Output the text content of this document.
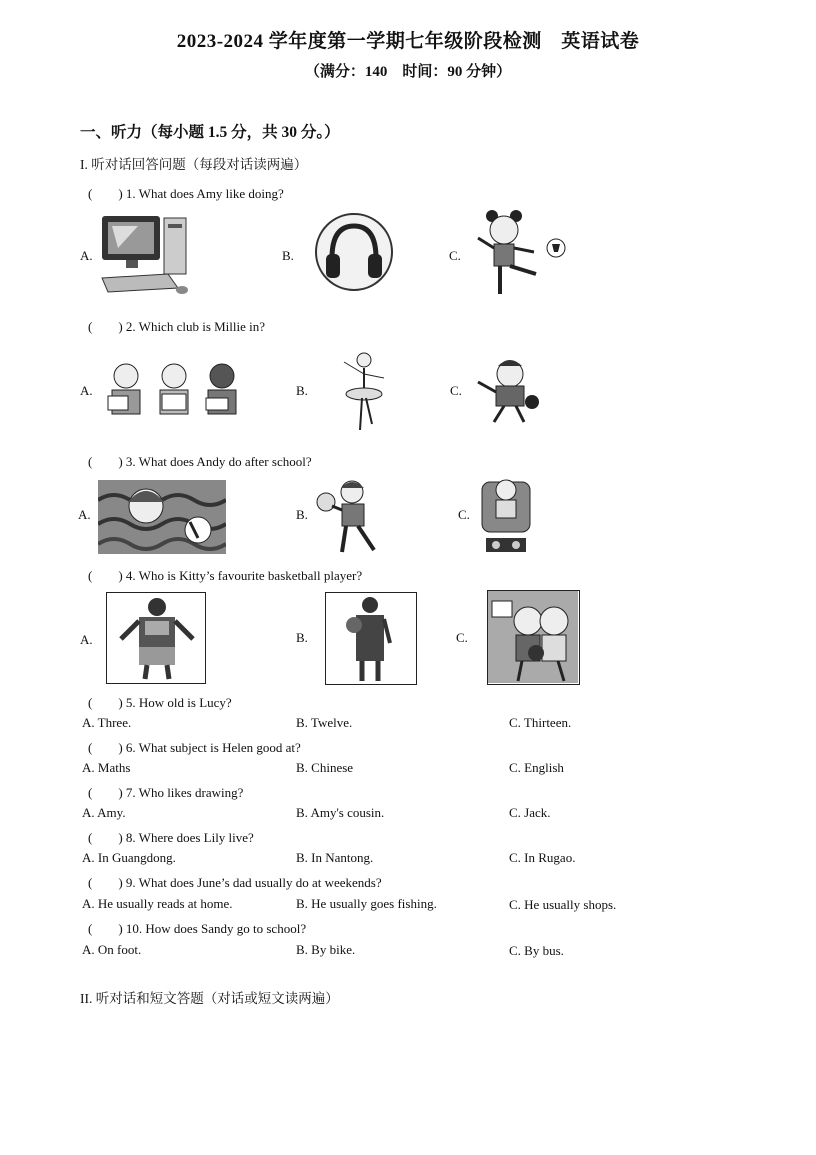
2023-2024 学年度第一学期七年级阶段检测　英语试卷
（满分：140　时间：90 分钟）
一、听力（每小题 1.5 分，共 30 分。）
I. 听对话回答问题（每段对话读两遍）
(　　) 1. What does Amy like doing?
A.	B.	C.
(　　) 2. Which club is Millie in?
A.	B.	C.
(　　) 3. What does Andy do after school?
A.	B.	C.
(　　) 4. Who is Kitty’s favourite basketball player?
A.	B.	C.
(　　) 5. How old is Lucy?
A. Three.	B. Twelve.	C. Thirteen.
(　　) 6. What subject is Helen good at?
A. Maths	B. Chinese	C. English
(　　) 7. Who likes drawing?
A. Amy.	B. Amy's cousin.	C. Jack.
(　　) 8. Where does Lily live?
A. In Guangdong.	B. In Nantong.	C. In Rugao.
(　　) 9. What does June’s dad usually do at weekends?
A. He usually reads at home.	B. He usually goes fishing.	C. He usually shops.
(　　) 10. How does Sandy go to school?
A. On foot.	B. By bike.	C. By bus.
II. 听对话和短文答题（对话或短文读两遍）
